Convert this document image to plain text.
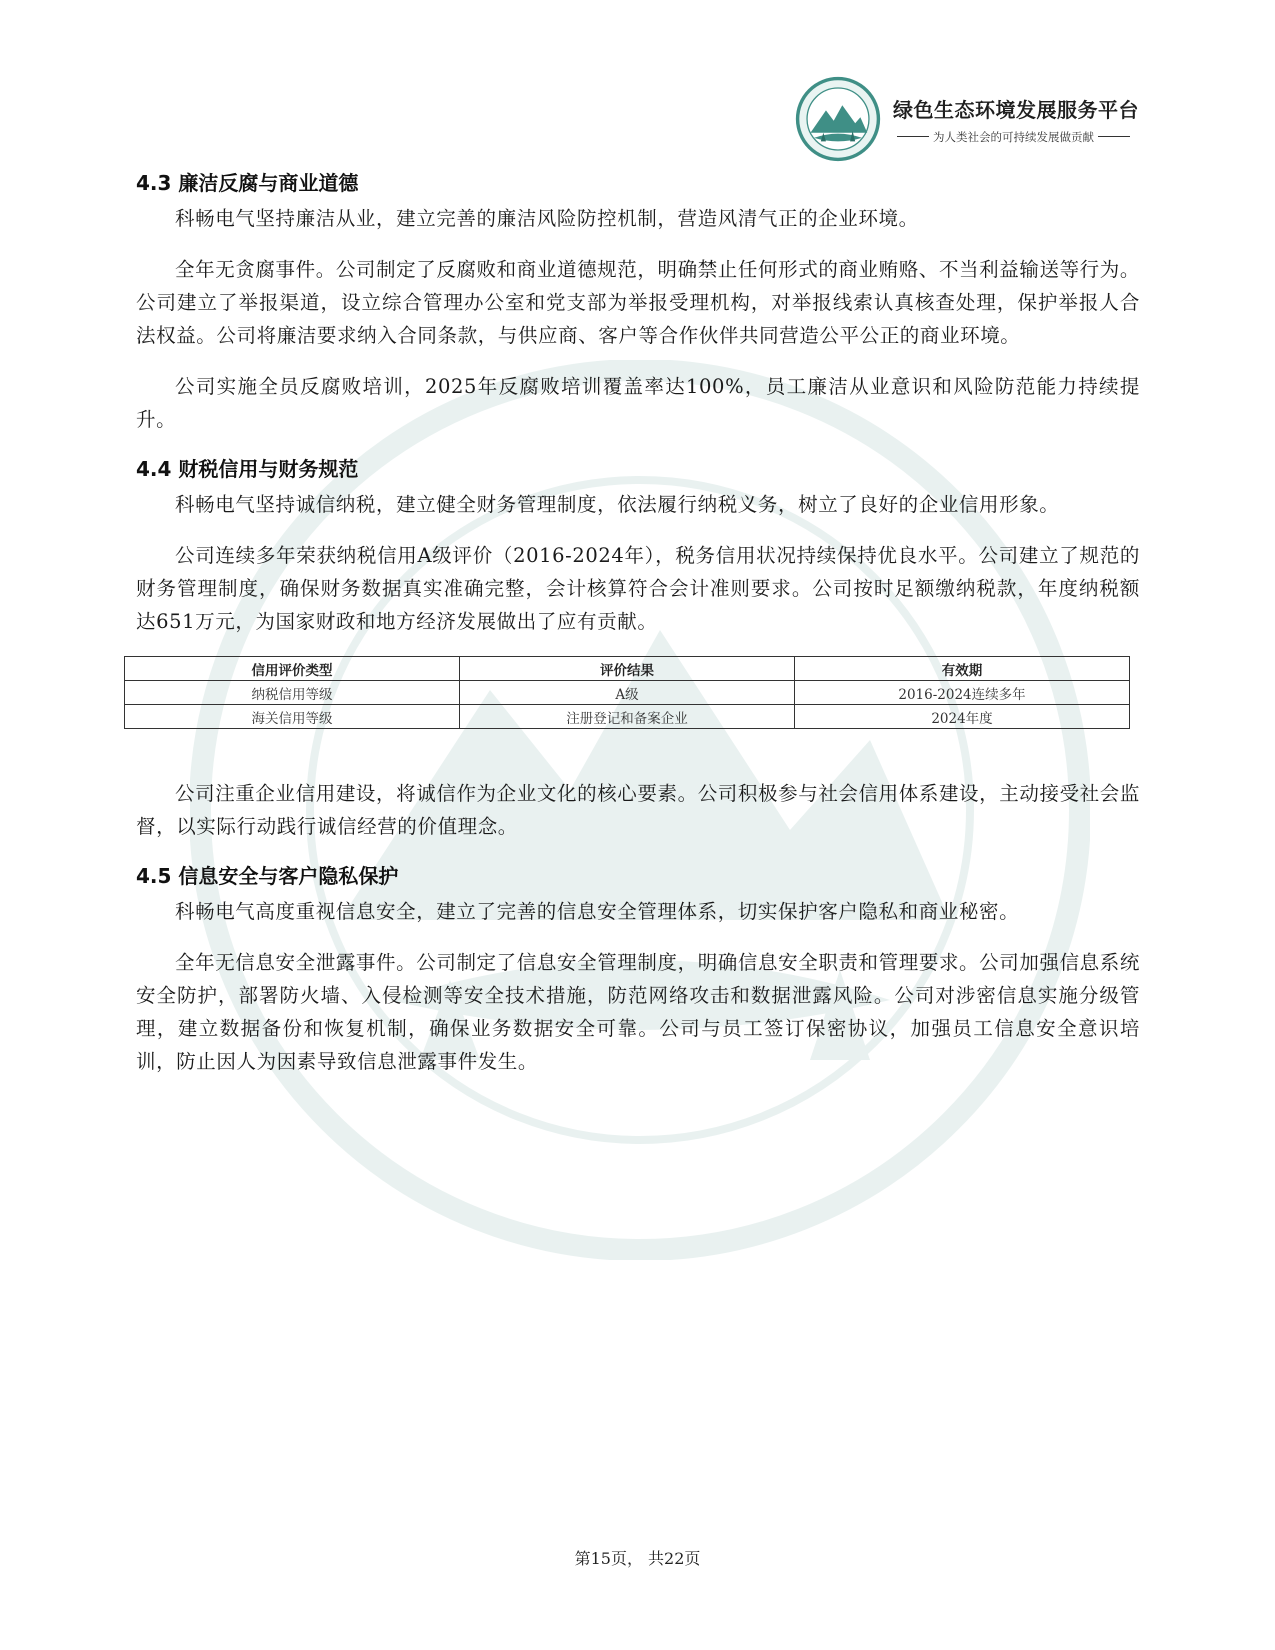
绿色生态环境发展服务平台
为人类社会的可持续发展做贡献
4.3 廉洁反腐与商业道德

科畅电气坚持廉洁从业，建立完善的廉洁风险防控机制，营造风清气正的企业环境。

全年无贪腐事件。公司制定了反腐败和商业道德规范，明确禁止任何形式的商业贿赂、不当利益输送等行为。公司建立了举报渠道，设立综合管理办公室和党支部为举报受理机构，对举报线索认真核查处理，保护举报人合法权益。公司将廉洁要求纳入合同条款，与供应商、客户等合作伙伴共同营造公平公正的商业环境。

公司实施全员反腐败培训，2025年反腐败培训覆盖率达100%，员工廉洁从业意识和风险防范能力持续提升。

4.4 财税信用与财务规范

科畅电气坚持诚信纳税，建立健全财务管理制度，依法履行纳税义务，树立了良好的企业信用形象。

公司连续多年荣获纳税信用A级评价（2016-2024年），税务信用状况持续保持优良水平。公司建立了规范的财务管理制度，确保财务数据真实准确完整，会计核算符合会计准则要求。公司按时足额缴纳税款，年度纳税额达651万元，为国家财政和地方经济发展做出了应有贡献。

信用评价类型	评价结果	有效期
纳税信用等级	A级	2016-2024连续多年
海关信用等级	注册登记和备案企业	2024年度

公司注重企业信用建设，将诚信作为企业文化的核心要素。公司积极参与社会信用体系建设，主动接受社会监督，以实际行动践行诚信经营的价值理念。

4.5 信息安全与客户隐私保护

科畅电气高度重视信息安全，建立了完善的信息安全管理体系，切实保护客户隐私和商业秘密。

全年无信息安全泄露事件。公司制定了信息安全管理制度，明确信息安全职责和管理要求。公司加强信息系统安全防护，部署防火墙、入侵检测等安全技术措施，防范网络攻击和数据泄露风险。公司对涉密信息实施分级管理，建立数据备份和恢复机制，确保业务数据安全可靠。公司与员工签订保密协议，加强员工信息安全意识培训，防止因人为因素导致信息泄露事件发生。

第15页， 共22页
